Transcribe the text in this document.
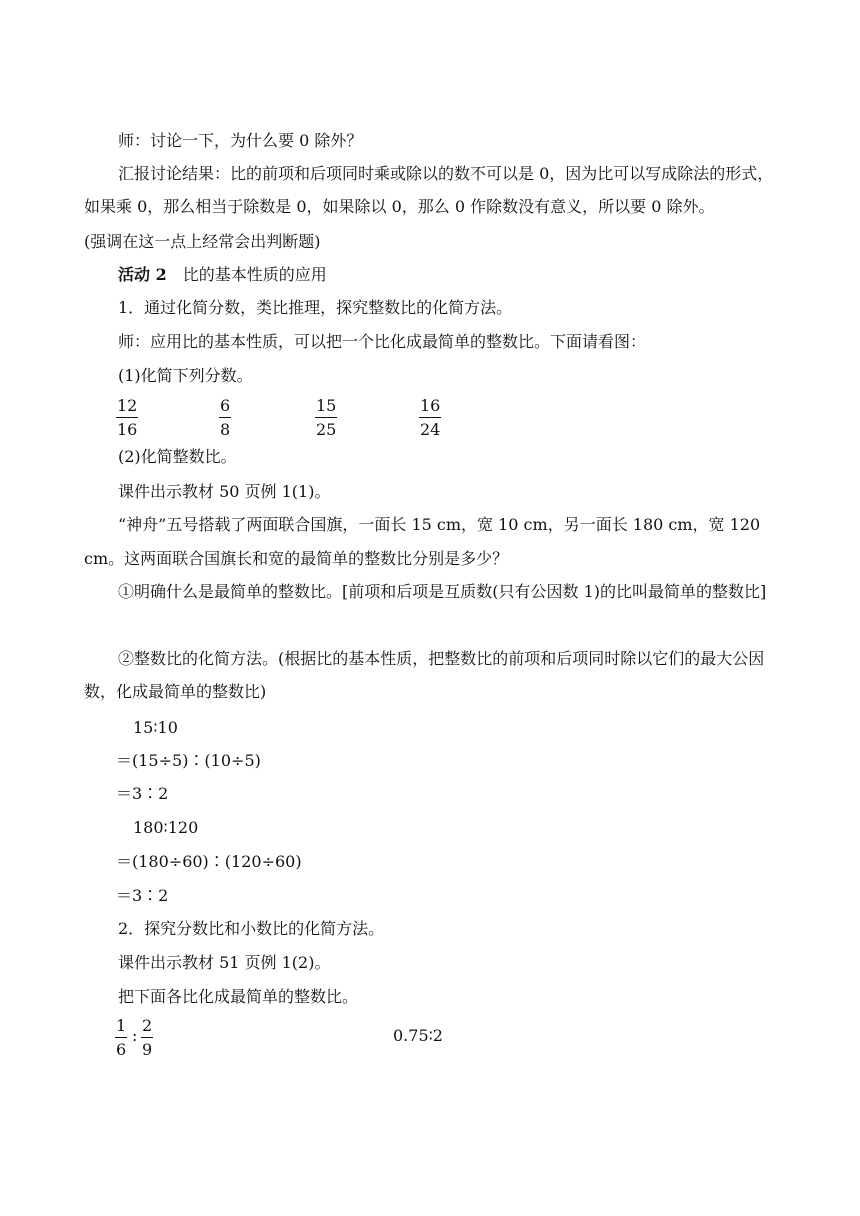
师：讨论一下，为什么要 0 除外？
汇报讨论结果：比的前项和后项同时乘或除以的数不可以是 0，因为比可以写成除法的形式，如果乘 0，那么相当于除数是 0，如果除以 0，那么 0 作除数没有意义，所以要 0 除外。
(强调在这一点上经常会出判断题)
活动 2 比的基本性质的应用
1．通过化简分数，类比推理，探究整数比的化简方法。
师：应用比的基本性质，可以把一个比化成最简单的整数比。下面请看图：
(1)化简下列分数。
$\frac{12}{16}$	$\frac{6}{8}$	$\frac{15}{25}$	$\frac{16}{24}$
(2)化简整数比。
课件出示教材 50 页例 1(1)。
“神舟”五号搭载了两面联合国旗，一面长 15 cm，宽 10 cm，另一面长 180 cm，宽 120 cm。这两面联合国旗长和宽的最简单的整数比分别是多少？
①明确什么是最简单的整数比。[前项和后项是互质数(只有公因数 1)的比叫最简单的整数比]
②整数比的化简方法。(根据比的基本性质，把整数比的前项和后项同时除以它们的最大公因数，化成最简单的整数比)
15∶10
＝(15÷5)∶(10÷5)
＝3∶2
180∶120
＝(180÷60)∶(120÷60)
＝3∶2
2．探究分数比和小数比的化简方法。
课件出示教材 51 页例 1(2)。
把下面各比化成最简单的整数比。
$\frac{1}{6}$ : $\frac{2}{9}$	0.75∶2
